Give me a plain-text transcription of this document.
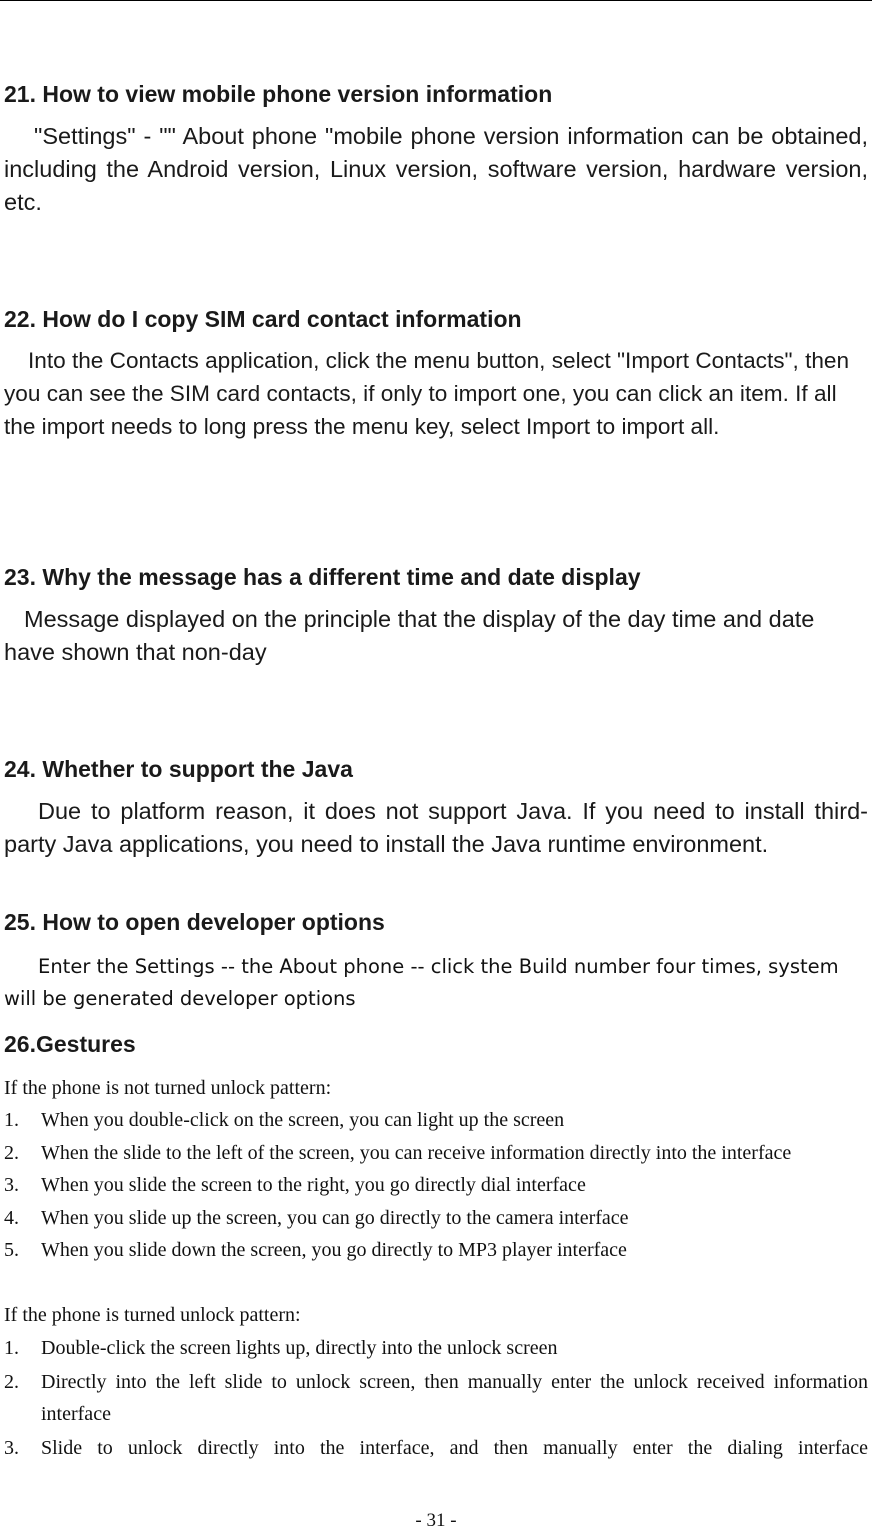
21. How to view mobile phone version information
"Settings" - "" About phone "mobile phone version information can be obtained, including the Android version, Linux version, software version, hardware version, etc.
22. How do I copy SIM card contact information
Into the Contacts application, click the menu button, select "Import Contacts", then you can see the SIM card contacts, if only to import one, you can click an item. If all the import needs to long press the menu key, select Import to import all.
23. Why the message has a different time and date display
Message displayed on the principle that the display of the day time and date have shown that non-day
24. Whether to support the Java
Due to platform reason, it does not support Java. If you need to install third-party Java applications, you need to install the Java runtime environment.
25. How to open developer options
Enter the Settings -- the About phone -- click the Build number four times, system will be generated developer options
26.Gestures
If the phone is not turned unlock pattern:
1. When you double-click on the screen, you can light up the screen
2. When the slide to the left of the screen, you can receive information directly into the interface
3. When you slide the screen to the right, you go directly dial interface
4. When you slide up the screen, you can go directly to the camera interface
5. When you slide down the screen, you go directly to MP3 player interface
If the phone is turned unlock pattern:
1. Double-click the screen lights up, directly into the unlock screen
2. Directly into the left slide to unlock screen, then manually enter the unlock received information interface
3. Slide to unlock directly into the interface, and then manually enter the dialing interface
- 31 -
